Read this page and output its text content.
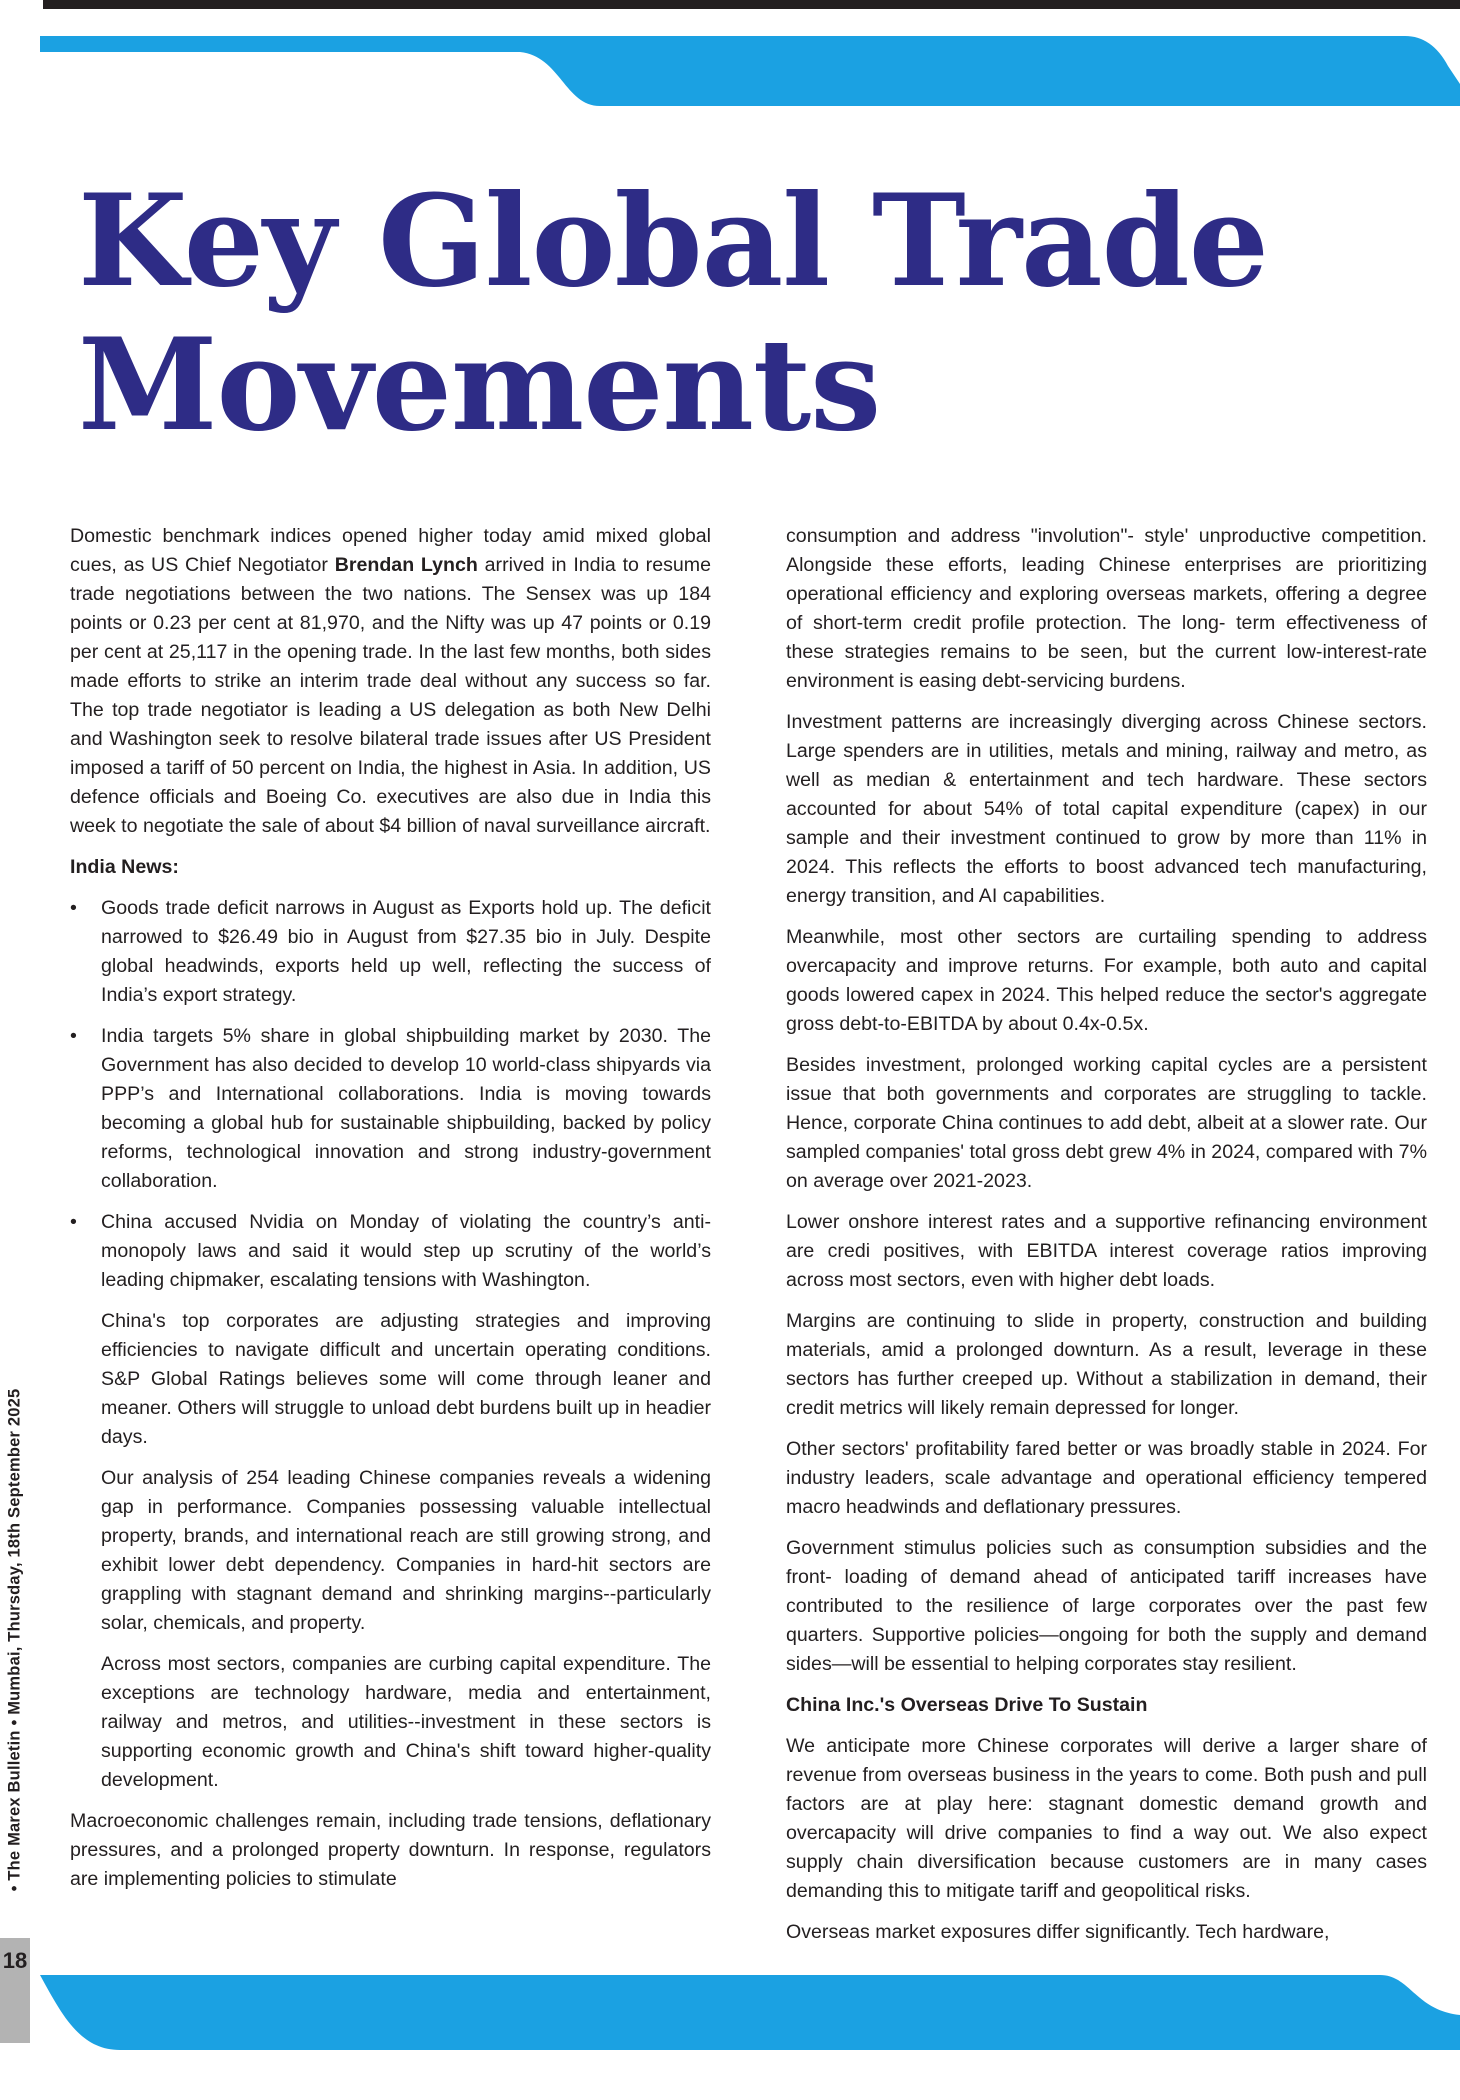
Key Global Trade Movements

Domestic benchmark indices opened higher today amid mixed global cues, as US Chief Negotiator Brendan Lynch arrived in India to resume trade negotiations between the two nations. The Sensex was up 184 points or 0.23 per cent at 81,970, and the Nifty was up 47 points or 0.19 per cent at 25,117 in the opening trade. In the last few months, both sides made efforts to strike an interim trade deal without any success so far. The top trade negotiator is leading a US delegation as both New Delhi and Washington seek to resolve bilateral trade issues after US President imposed a tariff of 50 percent on India, the highest in Asia. In addition, US defence officials and Boeing Co. executives are also due in India this week to negotiate the sale of about $4 billion of naval surveillance aircraft.

India News:

•	Goods trade deficit narrows in August as Exports hold up. The deficit narrowed to $26.49 bio in August from $27.35 bio in July. Despite global headwinds, exports held up well, reflecting the success of India’s export strategy.
•	India targets 5% share in global shipbuilding market by 2030. The Government has also decided to develop 10 world-class shipyards via PPP’s and International collaborations. India is moving towards becoming a global hub for sustainable shipbuilding, backed by policy reforms, technological innovation and strong industry-government collaboration.
•	China accused Nvidia on Monday of violating the country’s anti-monopoly laws and said it would step up scrutiny of the world’s leading chipmaker, escalating tensions with Washington.

China's top corporates are adjusting strategies and improving efficiencies to navigate difficult and uncertain operating conditions. S&P Global Ratings believes some will come through leaner and meaner. Others will struggle to unload debt burdens built up in headier days.

Our analysis of 254 leading Chinese companies reveals a widening gap in performance. Companies possessing valuable intellectual property, brands, and international reach are still growing strong, and exhibit lower debt dependency. Companies in hard-hit sectors are grappling with stagnant demand and shrinking margins--particularly solar, chemicals, and property.

Across most sectors, companies are curbing capital expenditure. The exceptions are technology hardware, media and entertainment, railway and metros, and utilities--investment in these sectors is supporting economic growth and China's shift toward higher-quality development.

Macroeconomic challenges remain, including trade tensions, deflationary pressures, and a prolonged property downturn. In response, regulators are implementing policies to stimulate

consumption and address "involution"- style' unproductive competition. Alongside these efforts, leading Chinese enterprises are prioritizing operational efficiency and exploring overseas markets, offering a degree of short-term credit profile protection. The long- term effectiveness of these strategies remains to be seen, but the current low-interest-rate environment is easing debt-servicing burdens.

Investment patterns are increasingly diverging across Chinese sectors. Large spenders are in utilities, metals and mining, railway and metro, as well as median & entertainment and tech hardware. These sectors accounted for about 54% of total capital expenditure (capex) in our sample and their investment continued to grow by more than 11% in 2024. This reflects the efforts to boost advanced tech manufacturing, energy transition, and AI capabilities.

Meanwhile, most other sectors are curtailing spending to address overcapacity and improve returns. For example, both auto and capital goods lowered capex in 2024. This helped reduce the sector's aggregate gross debt-to-EBITDA by about 0.4x-0.5x.

Besides investment, prolonged working capital cycles are a persistent issue that both governments and corporates are struggling to tackle. Hence, corporate China continues to add debt, albeit at a slower rate. Our sampled companies' total gross debt grew 4% in 2024, compared with 7% on average over 2021-2023.

Lower onshore interest rates and a supportive refinancing environment are credi positives, with EBITDA interest coverage ratios improving across most sectors, even with higher debt loads.

Margins are continuing to slide in property, construction and building materials, amid a prolonged downturn. As a result, leverage in these sectors has further creeped up. Without a stabilization in demand, their credit metrics will likely remain depressed for longer.

Other sectors' profitability fared better or was broadly stable in 2024. For industry leaders, scale advantage and operational efficiency tempered macro headwinds and deflationary pressures.

Government stimulus policies such as consumption subsidies and the front- loading of demand ahead of anticipated tariff increases have contributed to the resilience of large corporates over the past few quarters. Supportive policies—ongoing for both the supply and demand sides—will be essential to helping corporates stay resilient.

China Inc.'s Overseas Drive To Sustain

We anticipate more Chinese corporates will derive a larger share of revenue from overseas business in the years to come. Both push and pull factors are at play here: stagnant domestic demand growth and overcapacity will drive companies to find a way out. We also expect supply chain diversification because customers are in many cases demanding this to mitigate tariff and geopolitical risks.

Overseas market exposures differ significantly. Tech hardware,

• The Marex Bulletin • Mumbai, Thursday, 18th September 2025
18
